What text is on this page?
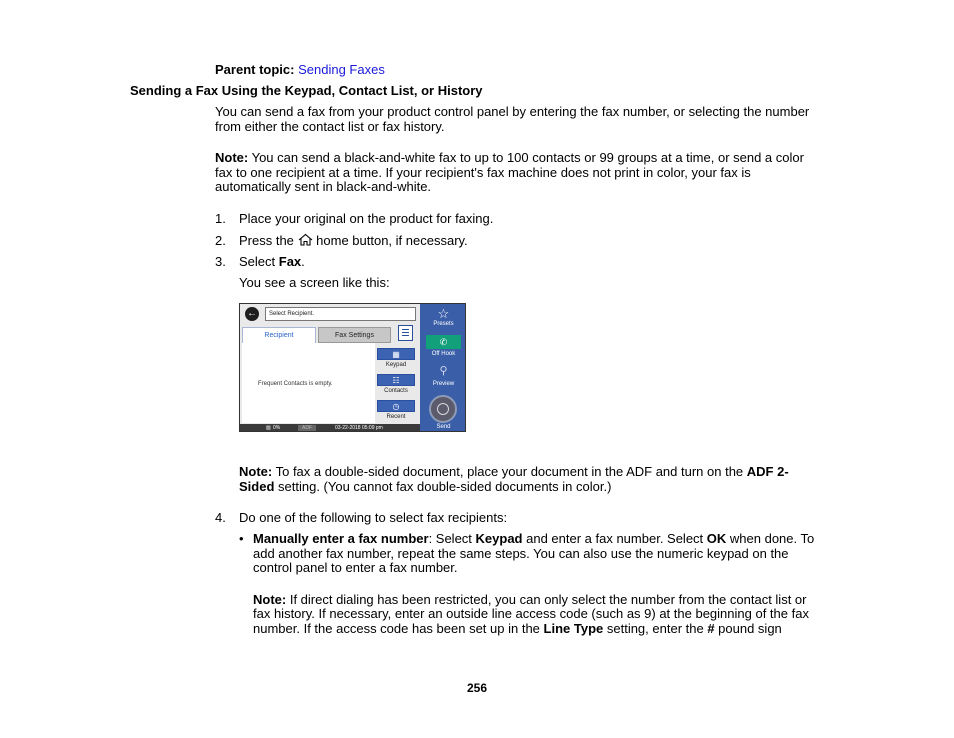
Parent topic: Sending Faxes
Sending a Fax Using the Keypad, Contact List, or History
You can send a fax from your product control panel by entering the fax number, or selecting the number
from either the contact list or fax history.
Note: You can send a black-and-white fax to up to 100 contacts or 99 groups at a time, or send a color
fax to one recipient at a time. If your recipient's fax machine does not print in color, your fax is
automatically sent in black-and-white.
1. Place your original on the product for faxing.
2. Press the  home button, if necessary.
3. Select Fax.
You see a screen like this:
←	Select Recipient.
Recipient	Fax Settings
Frequent Contacts is empty.
▦
Keypad
☷
Contacts
◷
Recent
▧ 0%	ADF	03-22-2018 05:09 pm
☆
Presets
✆
Off Hook
⚲
Preview
Send
Note: To fax a double-sided document, place your document in the ADF and turn on the ADF 2-
Sided setting. (You cannot fax double-sided documents in color.)
4. Do one of the following to select fax recipients:
• Manually enter a fax number: Select Keypad and enter a fax number. Select OK when done. To
add another fax number, repeat the same steps. You can also use the numeric keypad on the
control panel to enter a fax number.
Note: If direct dialing has been restricted, you can only select the number from the contact list or
fax history. If necessary, enter an outside line access code (such as 9) at the beginning of the fax
number. If the access code has been set up in the Line Type setting, enter the # pound sign
256
